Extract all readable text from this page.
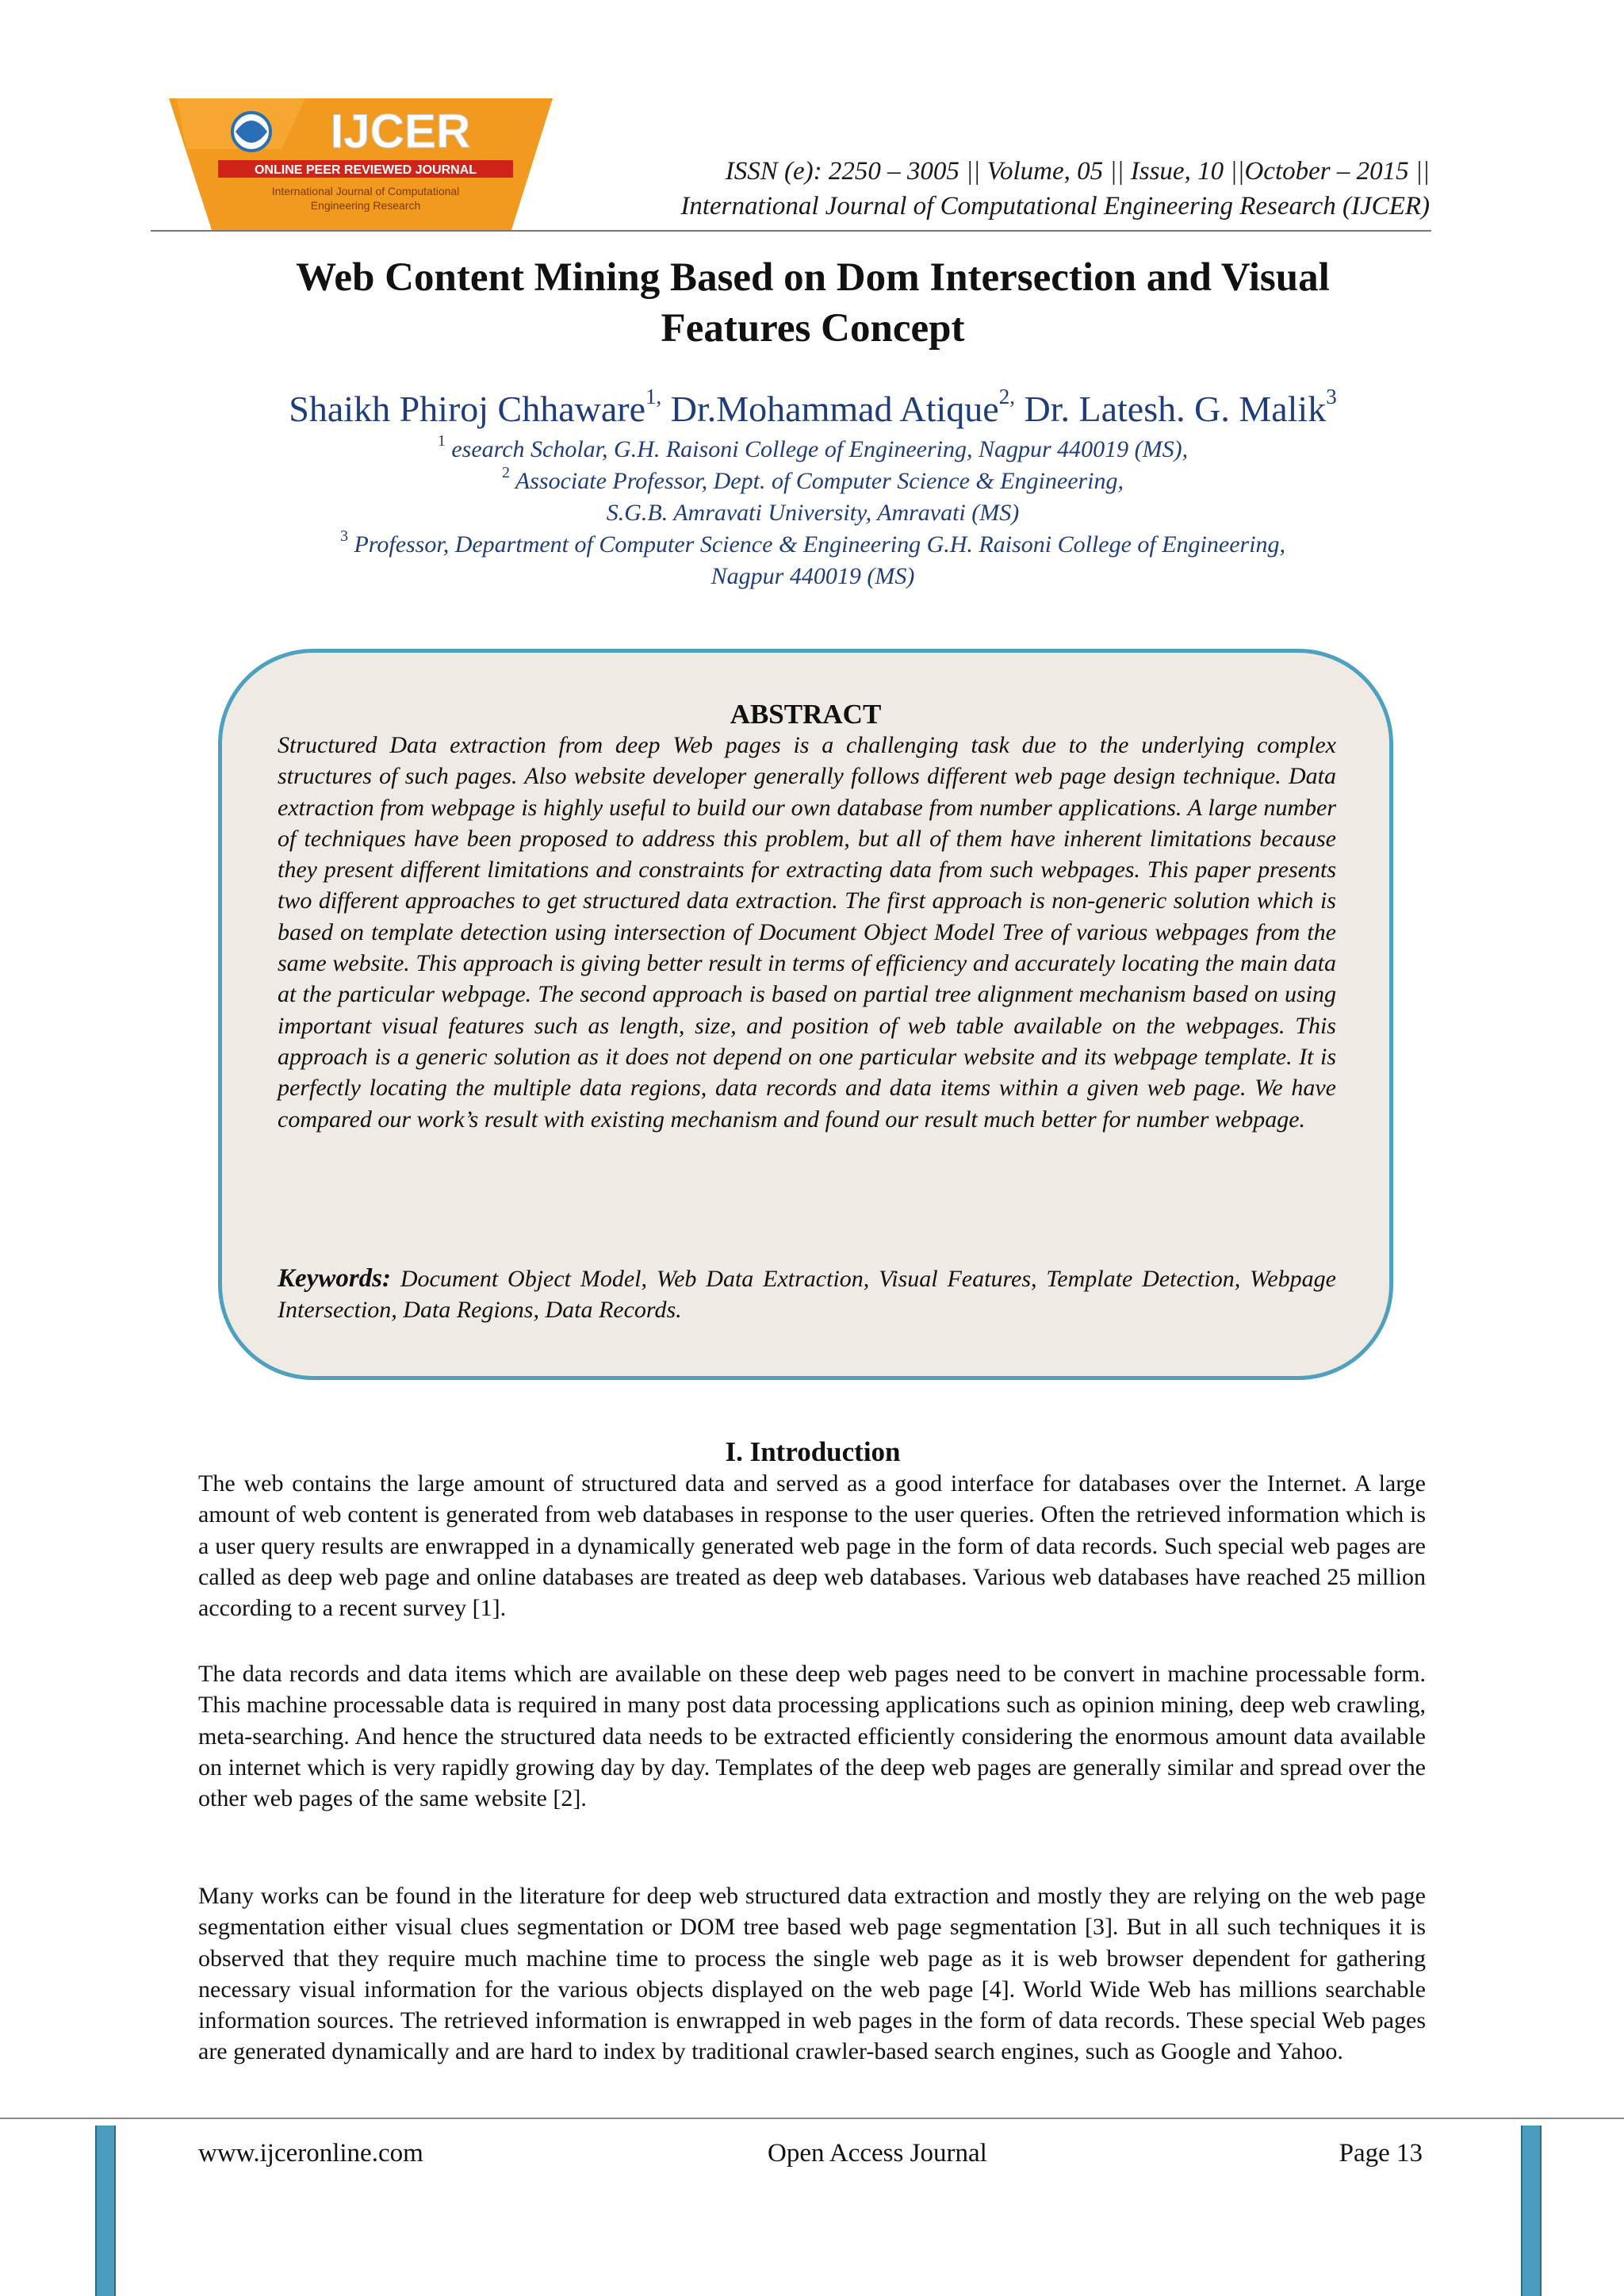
IJCER
ONLINE PEER REVIEWED JOURNAL
International Journal of Computational
Engineering Research
ISSN (e): 2250 – 3005 || Volume, 05 || Issue, 10 ||October – 2015 ||
International Journal of Computational Engineering Research (IJCER)
Web Content Mining Based on Dom Intersection and Visual
Features Concept
Shaikh Phiroj Chhaware$^{1,}$ Dr.Mohammad Atique$^{2,}$ Dr. Latesh. G. Malik$^3$
$^1$ esearch Scholar, G.H. Raisoni College of Engineering, Nagpur 440019 (MS),
$^2$ Associate Professor, Dept. of Computer Science & Engineering,
S.G.B. Amravati University, Amravati (MS)
$^3$ Professor, Department of Computer Science & Engineering G.H. Raisoni College of Engineering,
Nagpur 440019 (MS)
ABSTRACT
Structured Data extraction from deep Web pages is a challenging task due to the underlying complex structures of such pages. Also website developer generally follows different web page design technique. Data extraction from webpage is highly useful to build our own database from number applications. A large number of techniques have been proposed to address this problem, but all of them have inherent limitations because they present different limitations and constraints for extracting data from such webpages. This paper presents two different approaches to get structured data extraction. The first approach is non-generic solution which is based on template detection using intersection of Document Object Model Tree of various webpages from the same website. This approach is giving better result in terms of efficiency and accurately locating the main data at the particular webpage. The second approach is based on partial tree alignment mechanism based on using important visual features such as length, size, and position of web table available on the webpages. This approach is a generic solution as it does not depend on one particular website and its webpage template. It is perfectly locating the multiple data regions, data records and data items within a given web page. We have compared our work’s result with existing mechanism and found our result much better for number webpage.
Keywords: Document Object Model, Web Data Extraction, Visual Features, Template Detection, Webpage Intersection, Data Regions, Data Records.
I. Introduction
The web contains the large amount of structured data and served as a good interface for databases over the Internet. A large amount of web content is generated from web databases in response to the user queries. Often the retrieved information which is a user query results are enwrapped in a dynamically generated web page in the form of data records. Such special web pages are called as deep web page and online databases are treated as deep web databases. Various web databases have reached 25 million according to a recent survey [1].
The data records and data items which are available on these deep web pages need to be convert in machine processable form. This machine processable data is required in many post data processing applications such as opinion mining, deep web crawling, meta-searching. And hence the structured data needs to be extracted efficiently considering the enormous amount data available on internet which is very rapidly growing day by day. Templates of the deep web pages are generally similar and spread over the other web pages of the same website [2].
Many works can be found in the literature for deep web structured data extraction and mostly they are relying on the web page segmentation either visual clues segmentation or DOM tree based web page segmentation [3]. But in all such techniques it is observed that they require much machine time to process the single web page as it is web browser dependent for gathering necessary visual information for the various objects displayed on the web page [4]. World Wide Web has millions searchable information sources. The retrieved information is enwrapped in web pages in the form of data records. These special Web pages are generated dynamically and are hard to index by traditional crawler-based search engines, such as Google and Yahoo.
www.ijceronline.com	Open Access Journal	Page 13
